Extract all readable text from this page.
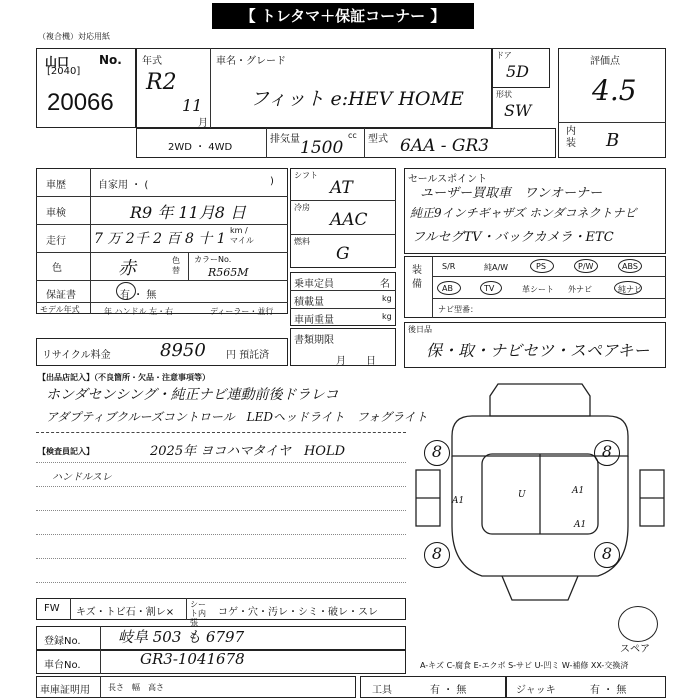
【 トレタマ＋保証コーナー 】
（複合機）対応用紙
山口 No.
[2040]
20066
年式
R2
11
月
車名・グレード
フィット e:HEV HOME
ドア
5D
形状
SW
評価点
4.5
内装 B
2WD ・ 4WD
排気量	cc
1500 型式 6AA - GR3
車歴	自家用 ・ (	)
車検	R9 年 11月8 日
走行 7 万 2千 2 百 8 十 1
km / マイル
色	赤	色替
カラーNo.
R565M
保証書	有 ・ 無
モデル年式	年 ハンドル 左・右	ディーラー・並行
リサイクル料金	8950 円 預託済
シフト
AT
冷房
AAC
燃料
G
乗車定員	名
積載量	kg
車両重量	kg
書類期限
月　　日
セールスポイント
ユーザー買取車　ワンオーナー
純正9インチギャザズ ホンダコネクトナビ
フルセグTV・バックカメラ・ETC
装備
S/R	純A/W	PS	P/W	ABS
AB	TV	革シート 外ナビ	純ナビ
ナビ型番：
後日品
保・取・ナビセツ・スペアキー
【出品店記入】（不良箇所・欠品・注意事項等）
ホンダセンシング・純正ナビ連動前後ドラレコ
アダプティブクルーズコントロール　LEDヘッドライト　フォグライト
【検査員記入】	2025年 ヨコハマタイヤ　HOLD
ハンドルスレ
8	8
8	8
A1
A1
A1
U
スペア
FW キズ・トビ石・割レ×
シート内張
コゲ・穴・汚レ・シミ・破レ・スレ
登録No. 岐阜 503 も 6797
車台No.	GR3-1041678	A-キズ C-腐食 E-エクボ S-サビ U-凹ミ W-補修 XX-交換済
車庫証明用 長さ　幅　高さ	工具	有 ・ 無	ジャッキ	有 ・ 無
